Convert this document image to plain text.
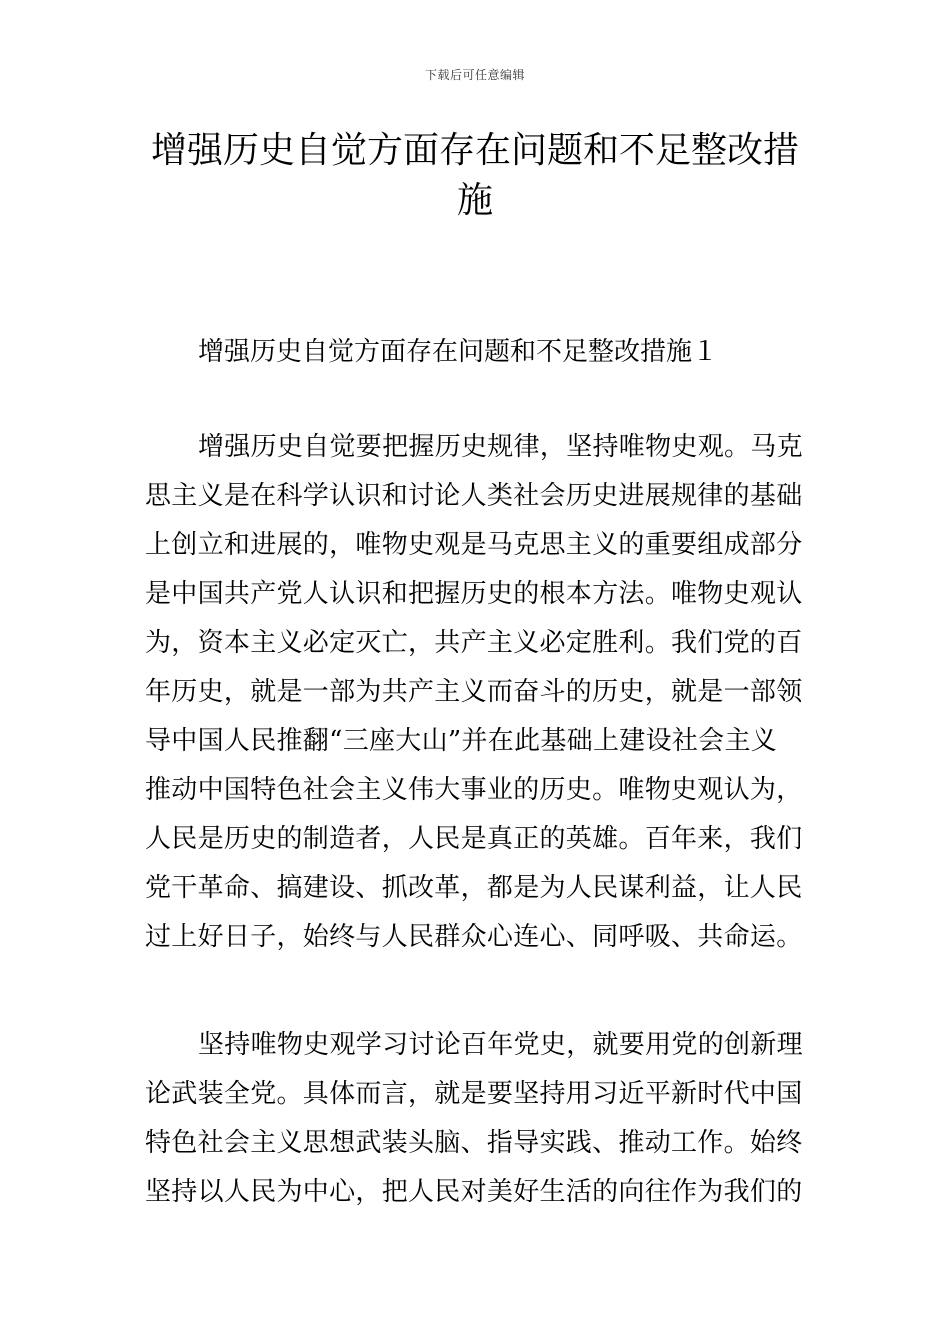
下载后可任意编辑
增强历史自觉方面存在问题和不足整改措
施
增强历史自觉方面存在问题和不足整改措施１
增强历史自觉要把握历史规律，坚持唯物史观。马克
思主义是在科学认识和讨论人类社会历史进展规律的基础
上创立和进展的，唯物史观是马克思主义的重要组成部分
是中国共产党人认识和把握历史的根本方法。唯物史观认
为，资本主义必定灭亡，共产主义必定胜利。我们党的百
年历史，就是一部为共产主义而奋斗的历史，就是一部领
导中国人民推翻“三座大山”并在此基础上建设社会主义
推动中国特色社会主义伟大事业的历史。唯物史观认为，
人民是历史的制造者，人民是真正的英雄。百年来，我们
党干革命、搞建设、抓改革，都是为人民谋利益，让人民
过上好日子，始终与人民群众心连心、同呼吸、共命运。
坚持唯物史观学习讨论百年党史，就要用党的创新理
论武装全党。具体而言，就是要坚持用习近平新时代中国
特色社会主义思想武装头脑、指导实践、推动工作。始终
坚持以人民为中心，把人民对美好生活的向往作为我们的
